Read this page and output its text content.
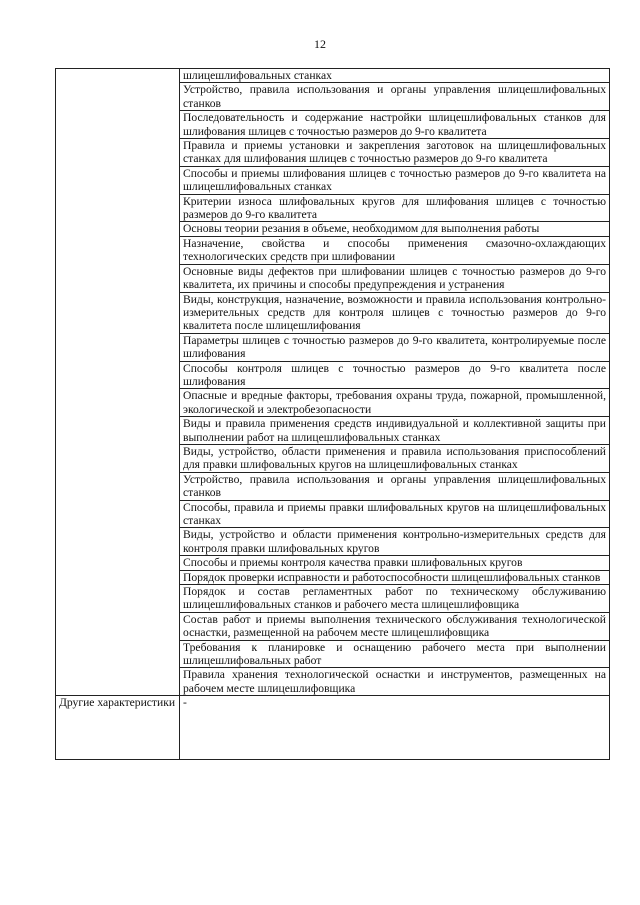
12
	шлицешлифовальных станках
	Устройство, правила использования и органы управления шлицешлифовальных станков
	Последовательность и содержание настройки шлицешлифовальных станков для шлифования шлицев с точностью размеров до 9-го квалитета
	Правила и приемы установки и закрепления заготовок на шлицешлифовальных станках для шлифования шлицев с точностью размеров до 9-го квалитета
	Способы и приемы шлифования шлицев с точностью размеров до 9-го квалитета на шлицешлифовальных станках
	Критерии износа шлифовальных кругов для шлифования шлицев с точностью размеров до 9-го квалитета
	Основы теории резания в объеме, необходимом для выполнения работы
	Назначение, свойства и способы применения смазочно-охлаждающих технологических средств при шлифовании
	Основные виды дефектов при шлифовании шлицев с точностью размеров до 9-го квалитета, их причины и способы предупреждения и устранения
	Виды, конструкция, назначение, возможности и правила использования контрольно-измерительных средств для контроля шлицев с точностью размеров до 9-го квалитета после шлицешлифования
	Параметры шлицев с точностью размеров до 9-го квалитета, контролируемые после шлифования
	Способы контроля шлицев с точностью размеров до 9-го квалитета после шлифования
	Опасные и вредные факторы, требования охраны труда, пожарной, промышленной, экологической и электробезопасности
	Виды и правила применения средств индивидуальной и коллективной защиты при выполнении работ на шлицешлифовальных станках
	Виды, устройство, области применения и правила использования приспособлений для правки шлифовальных кругов на шлицешлифовальных станках
	Устройство, правила использования и органы управления шлицешлифовальных станков
	Способы, правила и приемы правки шлифовальных кругов на шлицешлифовальных станках
	Виды, устройство и области применения контрольно-измерительных средств для контроля правки шлифовальных кругов
	Способы и приемы контроля качества правки шлифовальных кругов
	Порядок проверки исправности и работоспособности шлицешлифовальных станков
	Порядок и состав регламентных работ по техническому обслуживанию шлицешлифовальных станков и рабочего места шлицешлифовщика
	Состав работ и приемы выполнения технического обслуживания технологической оснастки, размещенной на рабочем месте шлицешлифовщика
	Требования к планировке и оснащению рабочего места при выполнении шлицешлифовальных работ
	Правила хранения технологической оснастки и инструментов, размещенных на рабочем месте шлицешлифовщика
Другие характеристики	-
